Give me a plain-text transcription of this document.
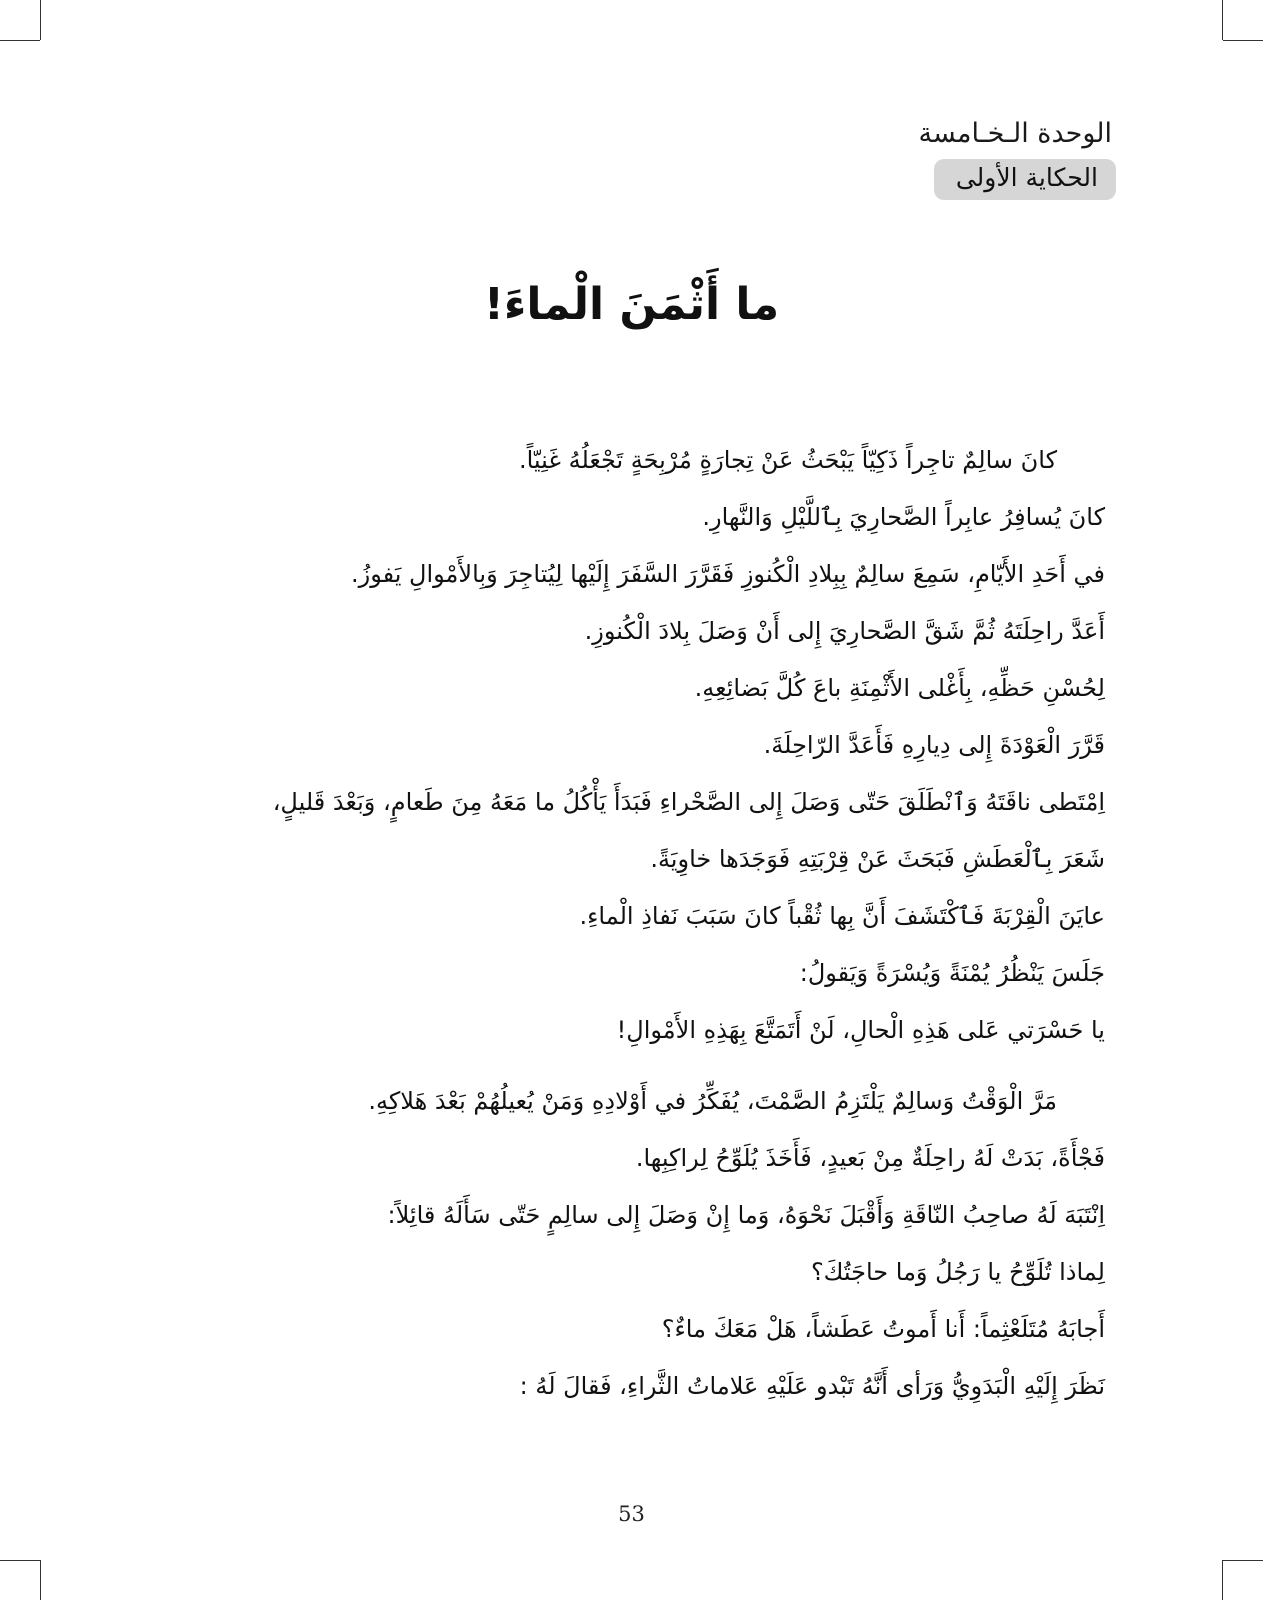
الوحدة الـخـامسة
الحكاية الأولى
ما أَثْمَنَ الْماءَ!
كانَ سالِمٌ تاجِراً ذَكِيّاً يَبْحَثُ عَنْ تِجارَةٍ مُرْبِحَةٍ تَجْعَلُهُ غَنِيّاً.
كانَ يُسافِرُ عابِراً الصَّحارِيَ بِٱللَّيْلِ وَالنَّهارِ.
في أَحَدِ الأَيّامِ، سَمِعَ سالِمٌ بِبِلادِ الْكُنوزِ فَقَرَّرَ السَّفَرَ إِلَيْها لِيُتاجِرَ وَبِالأَمْوالِ يَفوزُ.
أَعَدَّ راحِلَتَهُ ثُمَّ شَقَّ الصَّحارِيَ إِلى أَنْ وَصَلَ بِلادَ الْكُنوزِ.
لِحُسْنِ حَظِّهِ، بِأَغْلى الأَثْمِنَةِ باعَ كُلَّ بَضائِعِهِ.
قَرَّرَ الْعَوْدَةَ إِلى دِيارِهِ فَأَعَدَّ الرّاحِلَةَ.
اِمْتَطى ناقَتَهُ وَٱنْطَلَقَ حَتّى وَصَلَ إِلى الصَّحْراءِ فَبَدَأَ يَأْكُلُ ما مَعَهُ مِنَ طَعامٍ، وَبَعْدَ قَليلٍ،
شَعَرَ بِٱلْعَطَشِ فَبَحَثَ عَنْ قِرْبَتِهِ فَوَجَدَها خاوِيَةً.
عايَنَ الْقِرْبَةَ فَٱكْتَشَفَ أَنَّ بِها ثُقْباً كانَ سَبَبَ نَفاذِ الْماءِ.
جَلَسَ يَنْظُرُ يُمْنَةً وَيُسْرَةً وَيَقولُ:
يا حَسْرَتي عَلى هَذِهِ الْحالِ، لَنْ أَتَمَتَّعَ بِهَذِهِ الأَمْوالِ!
مَرَّ الْوَقْتُ وَسالِمٌ يَلْتَزِمُ الصَّمْتَ، يُفَكِّرُ في أَوْلادِهِ وَمَنْ يُعيلُهُمْ بَعْدَ هَلاكِهِ.
فَجْأَةً، بَدَتْ لَهُ راحِلَةٌ مِنْ بَعيدٍ، فَأَخَذَ يُلَوِّحُ لِراكِبِها.
اِنْتَبَهَ لَهُ صاحِبُ النّاقَةِ وَأَقْبَلَ نَحْوَهُ، وَما إِنْ وَصَلَ إِلى سالِمٍ حَتّى سَأَلَهُ قائِلاً:
لِماذا تُلَوِّحُ يا رَجُلُ وَما حاجَتُكَ؟
أَجابَهُ مُتَلَعْثِماً: أَنا أَموتُ عَطَشاً، هَلْ مَعَكَ ماءٌ؟
نَظَرَ إِلَيْهِ الْبَدَوِيُّ وَرَأى أَنَّهُ تَبْدو عَلَيْهِ عَلاماتُ الثَّراءِ، فَقالَ لَهُ :
53
